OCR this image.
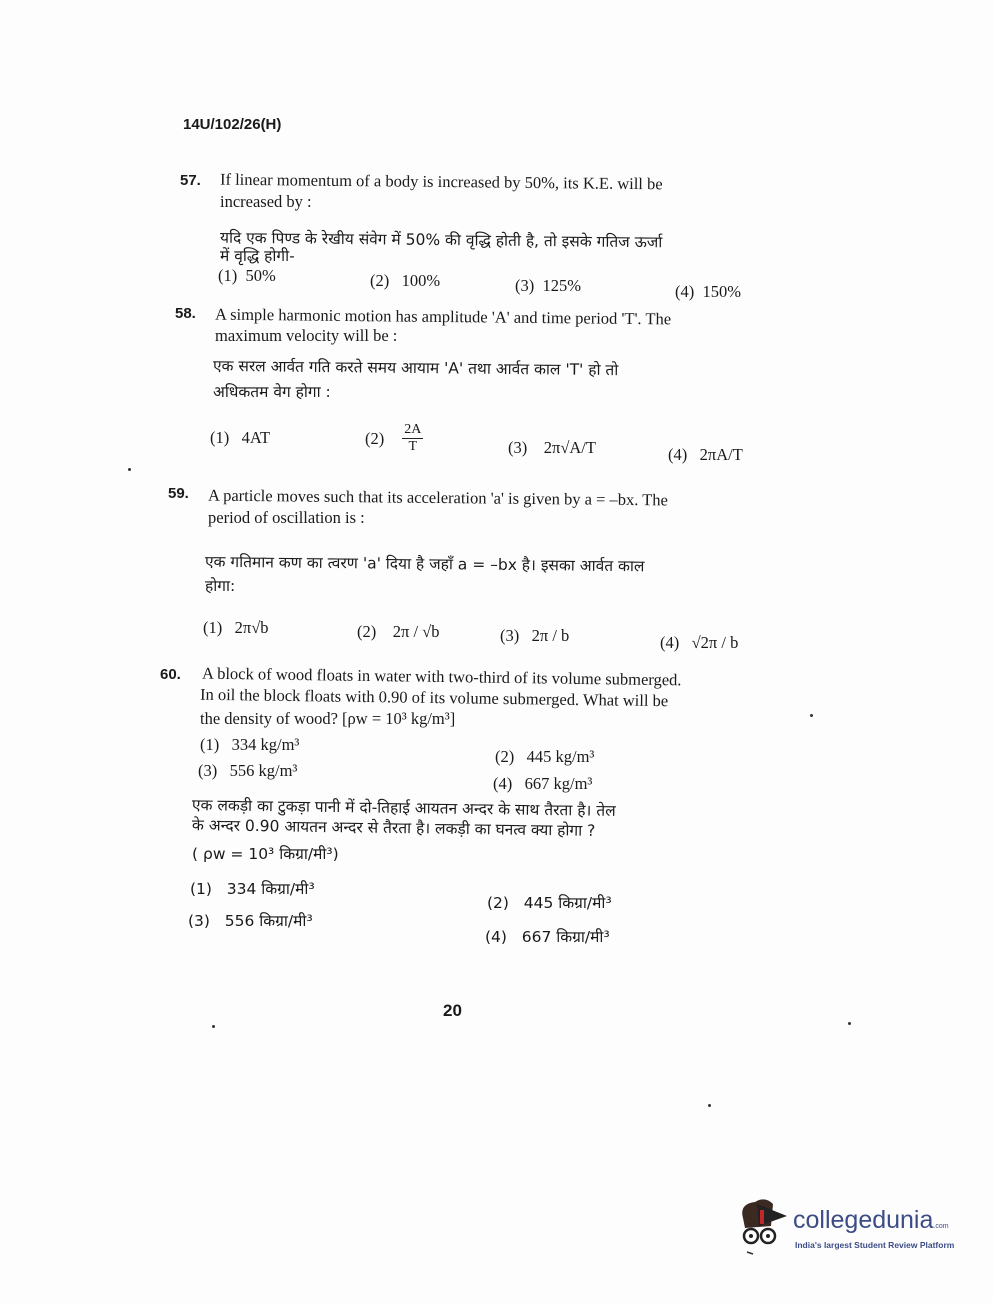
14U/102/26(H)
57. If linear momentum of a body is increased by 50%, its K.E. will be
increased by :
यदि एक पिण्ड के रेखीय संवेग में 50% की वृद्धि होती है, तो इसके गतिज ऊर्जा
में वृद्धि होगी-
(1) 50%	(2) 100%	(3) 125%	(4) 150%
58. A simple harmonic motion has amplitude 'A' and time period 'T'. The
maximum velocity will be :
एक सरल आर्वत गति करते समय आयाम 'A' तथा आर्वत काल 'T' हो तो
अधिकतम वेग होगा :
(1) 4AT	$(2) \frac{2A}{T}$	(3) 2π√A/T	(4) 2πA/T
59. A particle moves such that its acceleration 'a' is given by a = –bx. The
period of oscillation is :
एक गतिमान कण का त्वरण 'a' दिया है जहाँ a = –bx है। इसका आर्वत काल
होगा:
(1) 2π√b	(2) 2π / √b	(3) 2π / b	(4) √2π / b
60. A block of wood floats in water with two-third of its volume submerged.
In oil the block floats with 0.90 of its volume submerged. What will be
the density of wood? [ρw = 10³ kg/m³]
(1) 334 kg/m³
(2) 445 kg/m³
(3) 556 kg/m³
(4) 667 kg/m³
एक लकड़ी का टुकड़ा पानी में दो-तिहाई आयतन अन्दर के साथ तैरता है। तेल
के अन्दर 0.90 आयतन अन्दर से तैरता है। लकड़ी का घनत्व क्या होगा ?
( ρw = 10³ किग्रा/मी³)
(1) 334 किग्रा/मी³
(2) 445 किग्रा/मी³
(3) 556 किग्रा/मी³
(4) 667 किग्रा/मी³
20
collegedunia.com
India's largest Student Review Platform
